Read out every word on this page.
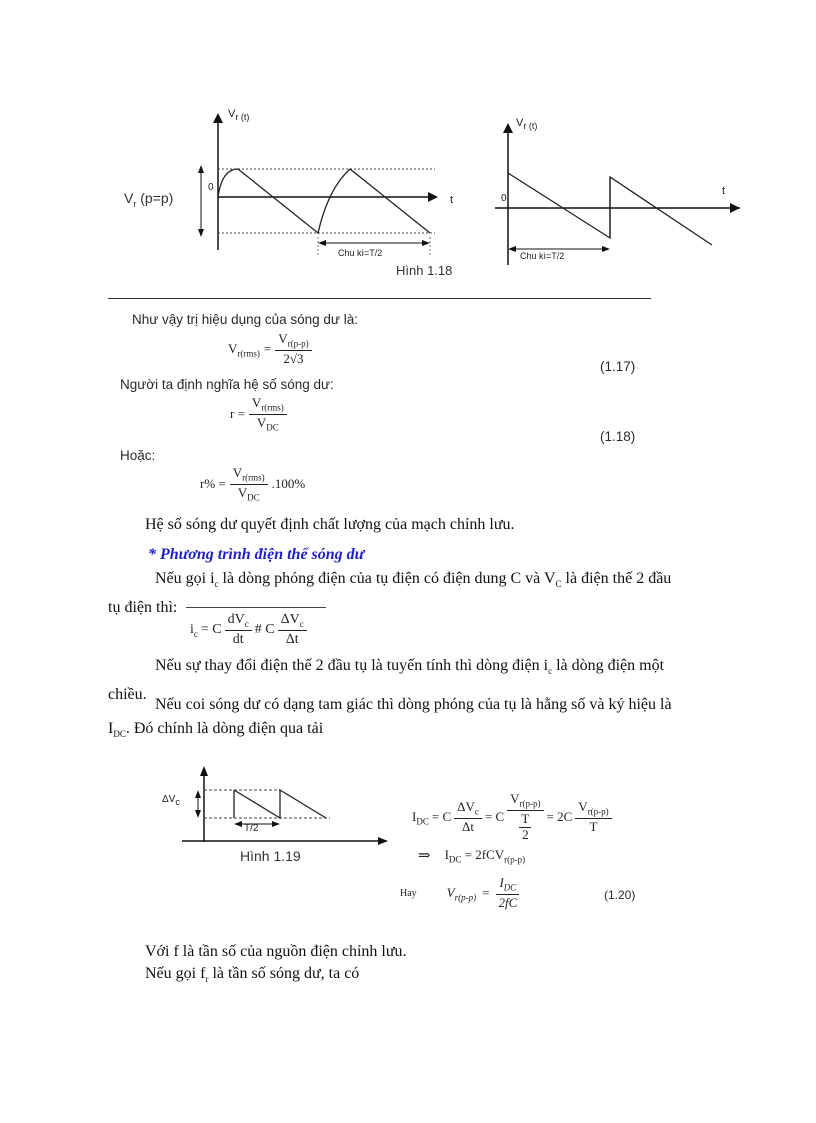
$V_{r (t)}$
$V_r$ (p=p)
0
t
Chu kì=T/2
$V_{r (t)}$
0
t
Chu kì=T/2
Hình 1.18
Như vậy trị hiệu dụng của sóng dư là:
$V_{r(rms)} = \frac{V_{r(p-p)}}{2√3}$	(1.17)
Người ta định nghĩa hệ số sóng dư:
$r = \frac{V_{r(rms)}}{V_{DC}}$
(1.18)
Hoặc:
$r\% = \frac{V_{r(rms)}}{V_{DC}} .100\%$
Hệ số sóng dư quyết định chất lượng của mạch chỉnh lưu.
* Phương trình điện thế sóng dư
Nếu gọi $i_c$ là dòng phóng điện của tụ điện có điện dung C và $V_C$ là điện thế 2 đầu
tụ điện thì:
$i_c = C \frac{dV_c}{dt}$ # C $\frac{\Delta V_c}{\Delta t}$
Nếu sự thay đổi điện thế 2 đầu tụ là tuyến tính thì dòng điện $i_c$ là dòng điện một
chiều.
Nếu coi sóng dư có dạng tam giác thì dòng phóng của tụ là hằng số và ký hiệu là
$I_{DC}$. Đó chính là dòng điện qua tải
$\Delta V_c$
T/2
Hình 1.19
$I_{DC} = C \frac{\Delta V_c}{\Delta t} = C$ $V_{r(p-p)}$
T
$2 = 2C \frac{V_{r(p-p)}}{T}$
⇒ $I_{DC} = 2fCV_{r(p-p)}$
Hay $V_{r(p-p)} = \frac{I_{DC}}{2fC}$	(1.20)
Với f là tần số của nguồn điện chỉnh lưu.
Nếu gọi $f_r$ là tần số sóng dư, ta có
